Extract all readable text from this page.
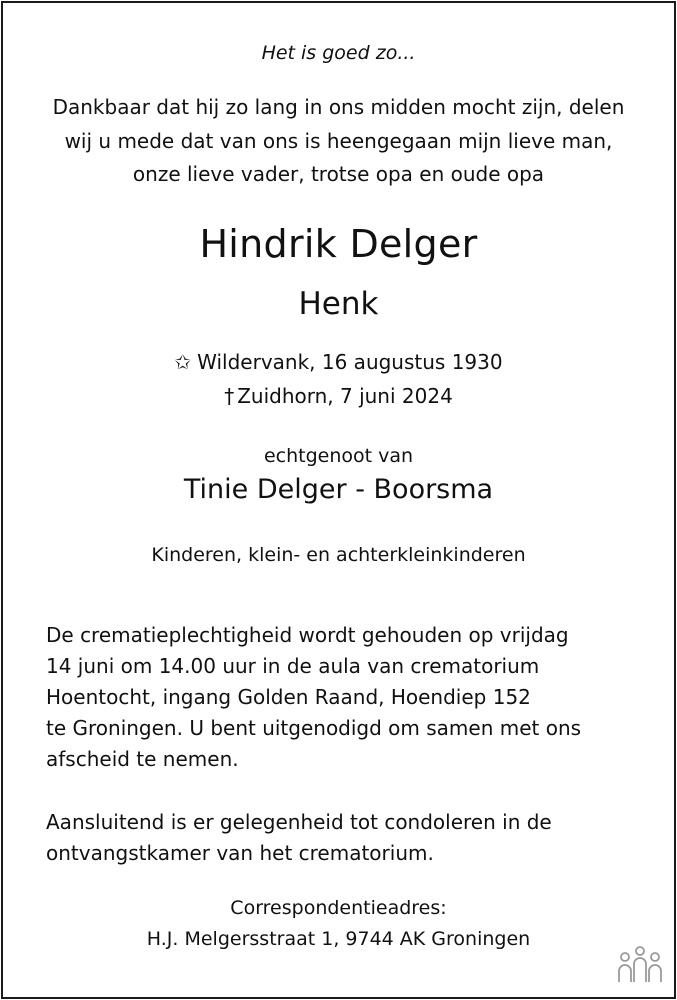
Het is goed zo...
Dankbaar dat hij zo lang in ons midden mocht zijn, delen
wij u mede dat van ons is heengegaan mijn lieve man,
onze lieve vader, trotse opa en oude opa
Hindrik Delger
Henk
✩ Wildervank, 16 augustus 1930
† Zuidhorn, 7 juni 2024
echtgenoot van
Tinie Delger - Boorsma
Kinderen, klein- en achterkleinkinderen
De crematieplechtigheid wordt gehouden op vrijdag
14 juni om 14.00 uur in de aula van crematorium
Hoentocht, ingang Golden Raand, Hoendiep 152
te Groningen. U bent uitgenodigd om samen met ons
afscheid te nemen.
Aansluitend is er gelegenheid tot condoleren in de
ontvangstkamer van het crematorium.
Correspondentieadres:
H.J. Melgersstraat 1, 9744 AK Groningen
